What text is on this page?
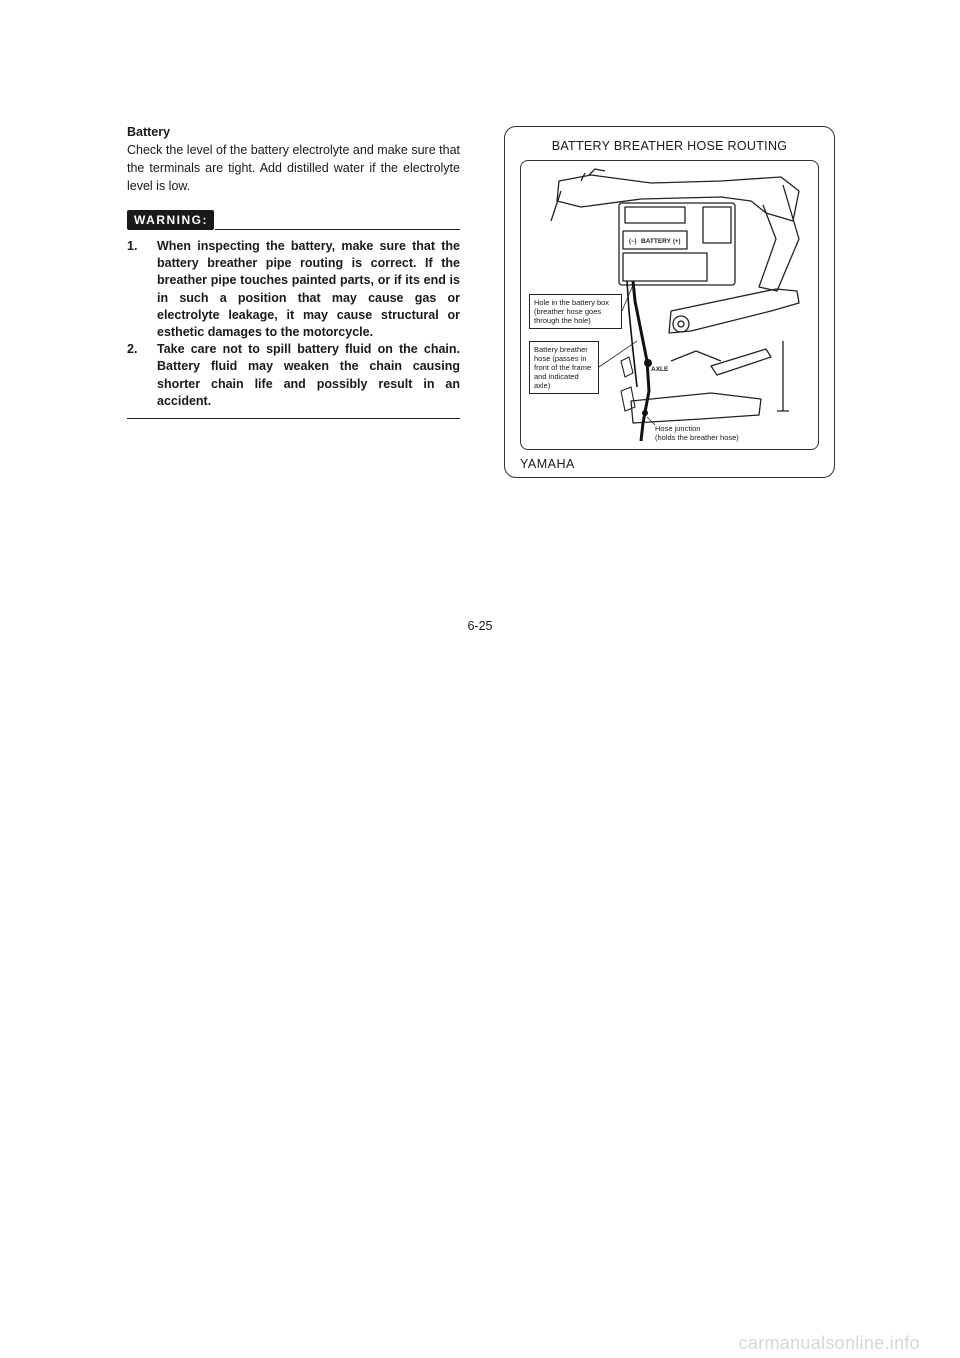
Battery
Check the level of the battery electrolyte and make sure that the terminals are tight. Add distilled water if the electrolyte level is low.
WARNING:
1. When inspecting the battery, make sure that the battery breather pipe routing is correct. If the breather pipe touches painted parts, or if its end is in such a position that may cause gas or electrolyte leakage, it may cause structural or esthetic damages to the motorcycle.
2. Take care not to spill battery fluid on the chain. Battery fluid may weaken the chain causing shorter chain life and possibly result in an accident.
BATTERY BREATHER HOSE ROUTING
(−) BATTERY (+)
AXLE
Hole in the battery box (breather hose goes through the hole)
Battery breather hose (passes in front of the frame and indicated axle)
Hose junction
(holds the breather hose)
YAMAHA
6-25
carmanualsonline.info
